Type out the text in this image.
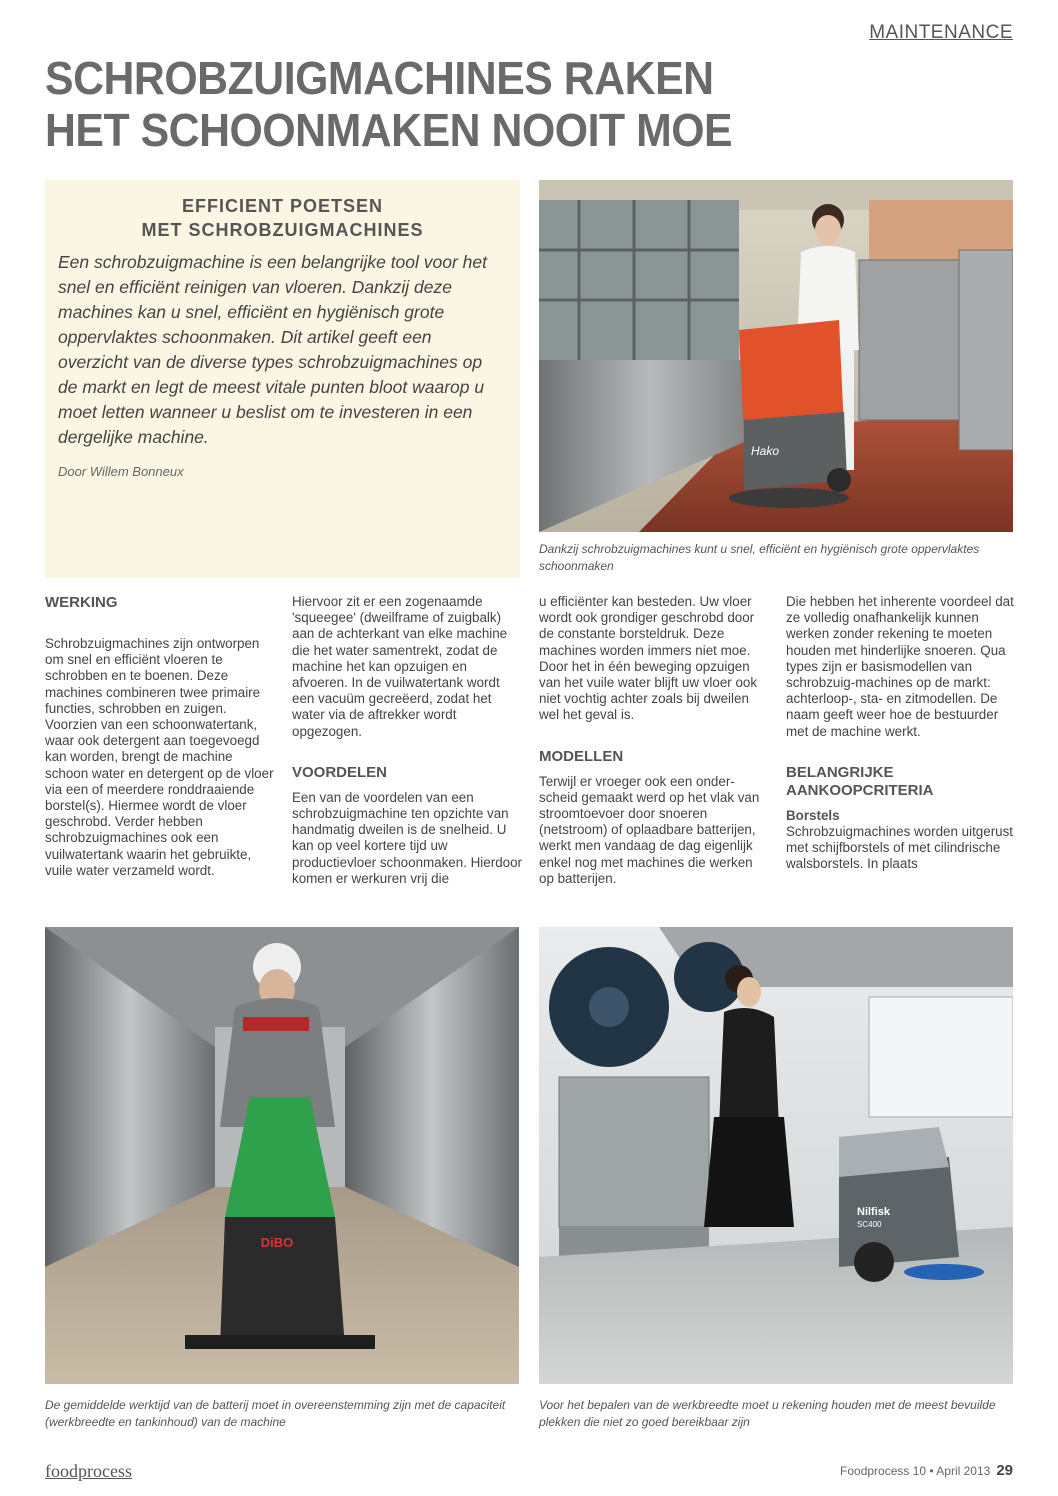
MAINTENANCE
SCHROBZUIGMACHINES RAKEN
HET SCHOONMAKEN NOOIT MOE
EFFICIENT POETSEN
MET SCHROBZUIGMACHINES

Een schrobzuigmachine is een belangrijke tool voor het snel en efficiënt reinigen van vloeren. Dankzij deze machines kan u snel, efficiënt en hygiënisch grote oppervlaktes schoonmaken. Dit artikel geeft een overzicht van de diverse types schrobzuigmachines op de markt en legt de meest vitale punten bloot waarop u moet letten wanneer u beslist om te investeren in een dergelijke machine.

Door Willem Bonneux

Hako
Dankzij schrobzuigmachines kunt u snel, efficiënt en hygiënisch grote oppervlaktes schoonmaken
WERKING

Schrobzuigmachines zijn ontworpen om snel en efficiënt vloeren te schrobben en te boenen. Deze machines combineren twee primaire functies, schrobben en zuigen. Voorzien van een schoonwatertank, waar ook detergent aan toegevoegd kan worden, brengt de machine schoon water en detergent op de vloer via een of meerdere ronddraaiende borstel(s). Hiermee wordt de vloer geschrobd. Verder hebben schrobzuigmachines ook een vuilwatertank waarin het gebruikte, vuile water verzameld wordt.

Hiervoor zit er een zogenaamde 'squeegee' (dweilframe of zuigbalk) aan de achterkant van elke machine die het water samentrekt, zodat de machine het kan opzuigen en afvoeren. In de vuilwatertank wordt een vacuüm gecreëerd, zodat het water via de aftrekker wordt opgezogen.

VOORDELEN

Een van de voordelen van een schrobzuigmachine ten opzichte van handmatig dweilen is de snelheid. U kan op veel kortere tijd uw productievloer schoonmaken. Hierdoor komen er werkuren vrij die

u efficiënter kan besteden. Uw vloer wordt ook grondiger geschrobd door de constante borsteldruk. Deze machines worden immers niet moe. Door het in één beweging opzuigen van het vuile water blijft uw vloer ook niet vochtig achter zoals bij dweilen wel het geval is.

MODELLEN

Terwijl er vroeger ook een onder-scheid gemaakt werd op het vlak van stroomtoevoer door snoeren (netstroom) of oplaadbare batterijen, werkt men vandaag de dag eigenlijk enkel nog met machines die werken op batterijen.

Die hebben het inherente voordeel dat ze volledig onafhankelijk kunnen werken zonder rekening te moeten houden met hinderlijke snoeren. Qua types zijn er basismodellen van schrobzuig-machines op de markt: achterloop-, sta- en zitmodellen. De naam geeft weer hoe de bestuurder met de machine werkt.

BELANGRIJKE AANKOOPCRITERIA
Borstels

Schrobzuigmachines worden uitgerust met schijfborstels of met cilindrische walsborstels. In plaats

DiBO
De gemiddelde werktijd van de batterij moet in overeenstemming zijn met de capaciteit (werkbreedte en tankinhoud) van de machine
Nilfisk
SC400
Voor het bepalen van de werkbreedte moet u rekening houden met de meest bevuilde plekken die niet zo goed bereikbaar zijn
foodprocess	Foodprocess 10 • April 2013 29
